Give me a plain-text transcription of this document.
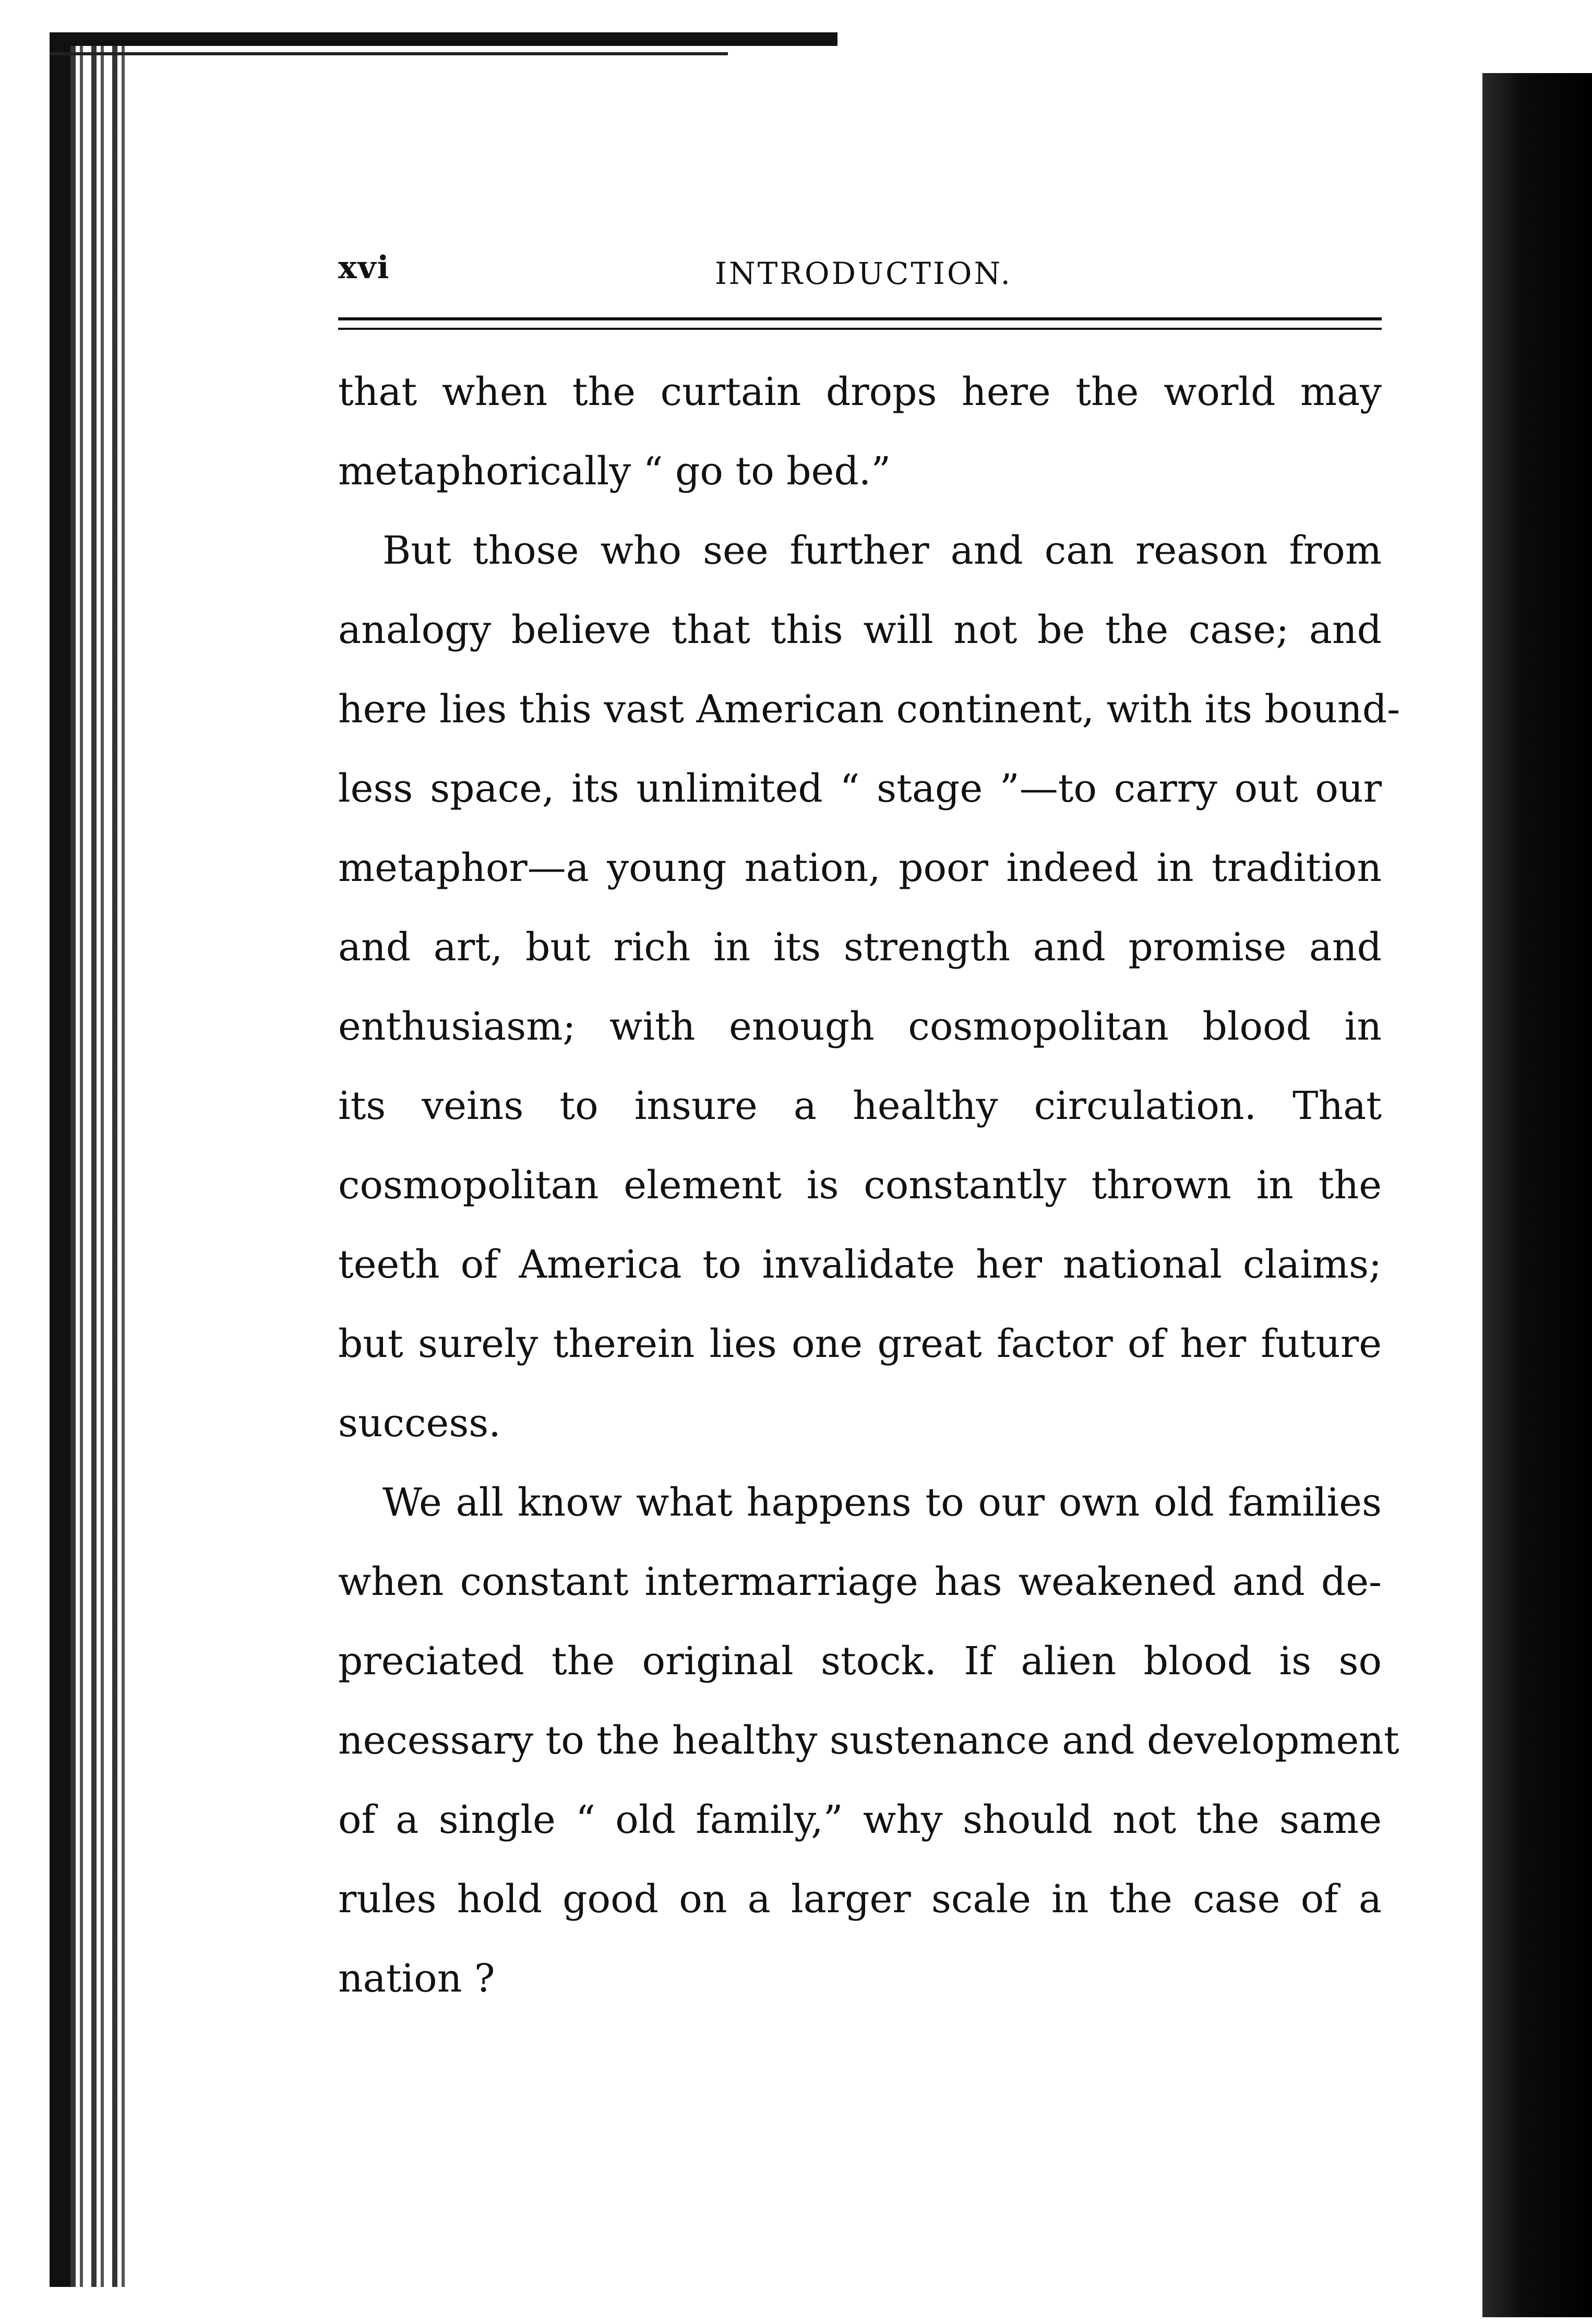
xvi	INTRODUCTION.
that when the curtain drops here the world may
metaphorically “ go to bed.”
But those who see further and can reason from
analogy believe that this will not be the case; and
here lies this vast American continent, with its bound-
less space, its unlimited “ stage ”—to carry out our
metaphor—a young nation, poor indeed in tradition
and art, but rich in its strength and promise and
enthusiasm; with enough cosmopolitan blood in
its veins to insure a healthy circulation. That
cosmopolitan element is constantly thrown in the
teeth of America to invalidate her national claims;
but surely therein lies one great factor of her future
success.
We all know what happens to our own old families
when constant intermarriage has weakened and de-
preciated the original stock. If alien blood is so
necessary to the healthy sustenance and development
of a single “ old family,” why should not the same
rules hold good on a larger scale in the case of a
nation ?
